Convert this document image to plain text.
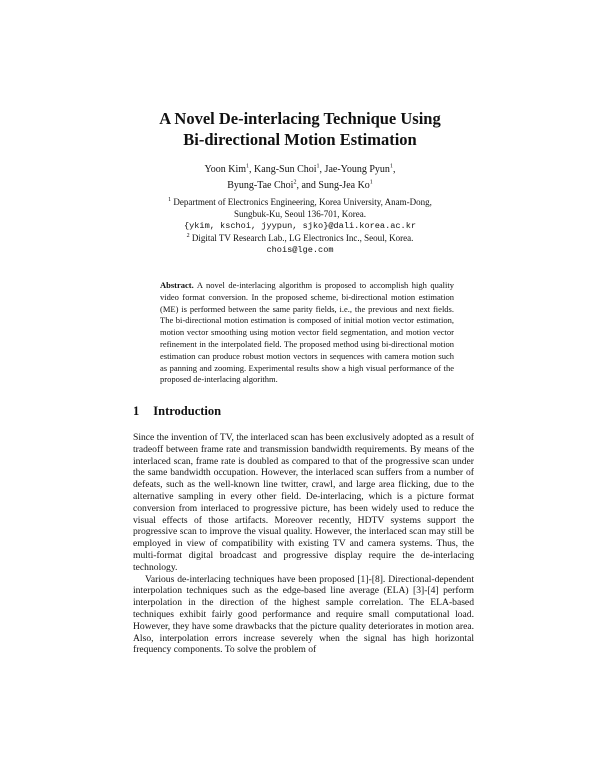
A Novel De-interlacing Technique Using
Bi-directional Motion Estimation
Yoon Kim$^1$, Kang-Sun Choi$^1$, Jae-Young Pyun$^1$,
Byung-Tae Choi$^2$, and Sung-Jea Ko$^1$
$^1$ Department of Electronics Engineering, Korea University, Anam-Dong,
Sungbuk-Ku, Seoul 136-701, Korea.
{ykim, kschoi, jyypun, sjko}@dali.korea.ac.kr
$^2$ Digital TV Research Lab., LG Electronics Inc., Seoul, Korea.
chois@lge.com
Abstract. A novel de-interlacing algorithm is proposed to accomplish high quality video format conversion. In the proposed scheme, bi-directional motion estimation (ME) is performed between the same parity fields, i.e., the previous and next fields. The bi-directional motion estimation is composed of initial motion vector estimation, motion vector smoothing using motion vector field segmentation, and motion vector refinement in the interpolated field. The proposed method using bi-directional motion estimation can produce robust motion vectors in sequences with camera motion such as panning and zooming. Experimental results show a high visual performance of the proposed de-interlacing algorithm.
1 Introduction

Since the invention of TV, the interlaced scan has been exclusively adopted as a result of tradeoff between frame rate and transmission bandwidth requirements. By means of the interlaced scan, frame rate is doubled as compared to that of the progressive scan under the same bandwidth occupation. However, the interlaced scan suffers from a number of defeats, such as the well-known line twitter, crawl, and large area flicking, due to the alternative sampling in every other field. De-interlacing, which is a picture format conversion from interlaced to progressive picture, has been widely used to reduce the visual effects of those artifacts. Moreover recently, HDTV systems support the progressive scan to improve the visual quality. However, the interlaced scan may still be employed in view of compatibility with existing TV and camera systems. Thus, the multi-format digital broadcast and progressive display require the de-interlacing technology.

Various de-interlacing techniques have been proposed [1]-[8]. Directional-dependent interpolation techniques such as the edge-based line average (ELA) [3]-[4] perform interpolation in the direction of the highest sample correlation. The ELA-based techniques exhibit fairly good performance and require small computational load. However, they have some drawbacks that the picture quality deteriorates in motion area. Also, interpolation errors increase severely when the signal has high horizontal frequency components. To solve the problem of
